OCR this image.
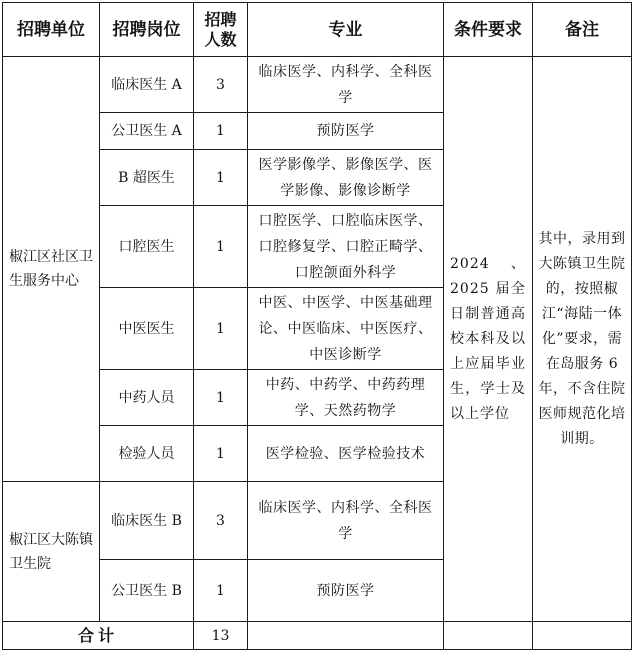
招聘单位	招聘岗位	招聘人数	专业	条件要求	备注
椒江区社区卫生服务中心	临床医生 A	3	临床医学、内科学、全科医学	2024、2025 届全日制普通高校本科及以上应届毕业生，学士及以上学位	其中，录用到大陈镇卫生院的，按照椒江“海陆一体化”要求，需在岛服务 6 年，不含住院医师规范化培训期。
	公卫医生 A	1	预防医学		
	B 超医生	1	医学影像学、影像医学、医学影像、影像诊断学		
	口腔医生	1	口腔医学、口腔临床医学、口腔修复学、口腔正畸学、口腔颌面外科学		
	中医医生	1	中医、中医学、中医基础理论、中医临床、中医医疗、中医诊断学		
	中药人员	1	中药、中药学、中药药理学、天然药物学		
	检验人员	1	医学检验、医学检验技术		
椒江区大陈镇卫生院	临床医生 B	3	临床医学、内科学、全科医学		
	公卫医生 B	1	预防医学		
合计		13			
